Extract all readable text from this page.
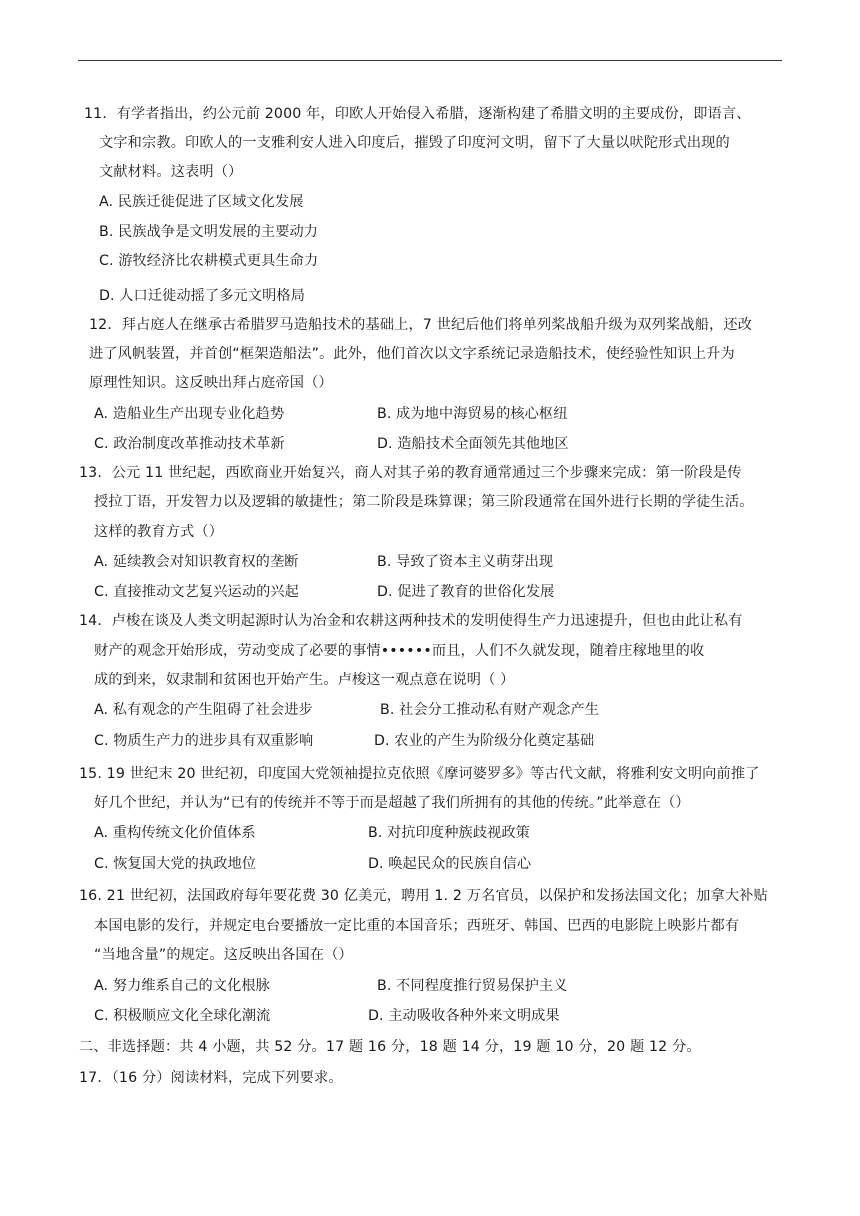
11．有学者指出，约公元前 2000 年，印欧人开始侵入希腊，逐渐构建了希腊文明的主要成份，即语言、
文字和宗教。印欧人的一支雅利安人进入印度后，摧毁了印度河文明，留下了大量以吠陀形式出现的
文献材料。这表明（）
A. 民族迁徙促进了区域文化发展
B. 民族战争是文明发展的主要动力
C. 游牧经济比农耕模式更具生命力
D. 人口迁徙动摇了多元文明格局
12．拜占庭人在继承古希腊罗马造船技术的基础上，7 世纪后他们将单列桨战船升级为双列桨战船，还改
进了风帆装置，并首创“框架造船法”。此外，他们首次以文字系统记录造船技术，使经验性知识上升为
原理性知识。这反映出拜占庭帝国（）
A. 造船业生产出现专业化趋势	B. 成为地中海贸易的核心枢纽
C. 政治制度改革推动技术革新	D. 造船技术全面领先其他地区
13．公元 11 世纪起，西欧商业开始复兴，商人对其子弟的教育通常通过三个步骤来完成：第一阶段是传
授拉丁语，开发智力以及逻辑的敏捷性；第二阶段是珠算课；第三阶段通常在国外进行长期的学徒生活。
这样的教育方式（）
A. 延续教会对知识教育权的垄断	B. 导致了资本主义萌芽出现
C. 直接推动文艺复兴运动的兴起	D. 促进了教育的世俗化发展
14．卢梭在谈及人类文明起源时认为冶金和农耕这两种技术的发明使得生产力迅速提升，但也由此让私有
财产的观念开始形成，劳动变成了必要的事情••••••而且，人们不久就发现，随着庄稼地里的收
成的到来，奴隶制和贫困也开始产生。卢梭这一观点意在说明（ ）
A. 私有观念的产生阻碍了社会进步	B. 社会分工推动私有财产观念产生
C. 物质生产力的进步具有双重影响	D. 农业的产生为阶级分化奠定基础
15. 19 世纪末 20 世纪初，印度国大党领袖提拉克依照《摩诃婆罗多》等古代文献，将雅利安文明向前推了
好几个世纪，并认为“已有的传统并不等于而是超越了我们所拥有的其他的传统。”此举意在（）
A. 重构传统文化价值体系	B. 对抗印度种族歧视政策
C. 恢复国大党的执政地位	D. 唤起民众的民族自信心
16. 21 世纪初，法国政府每年要花费 30 亿美元，聘用 1. 2 万名官员，以保护和发扬法国文化；加拿大补贴
本国电影的发行，并规定电台要播放一定比重的本国音乐；西班牙、韩国、巴西的电影院上映影片都有
“当地含量”的规定。这反映出各国在（）
A. 努力维系自己的文化根脉	B. 不同程度推行贸易保护主义
C. 积极顺应文化全球化潮流	D. 主动吸收各种外来文明成果
二、非选择题：共 4 小题，共 52 分。17 题 16 分，18 题 14 分，19 题 10 分，20 题 12 分。
17．（16 分）阅读材料，完成下列要求。
